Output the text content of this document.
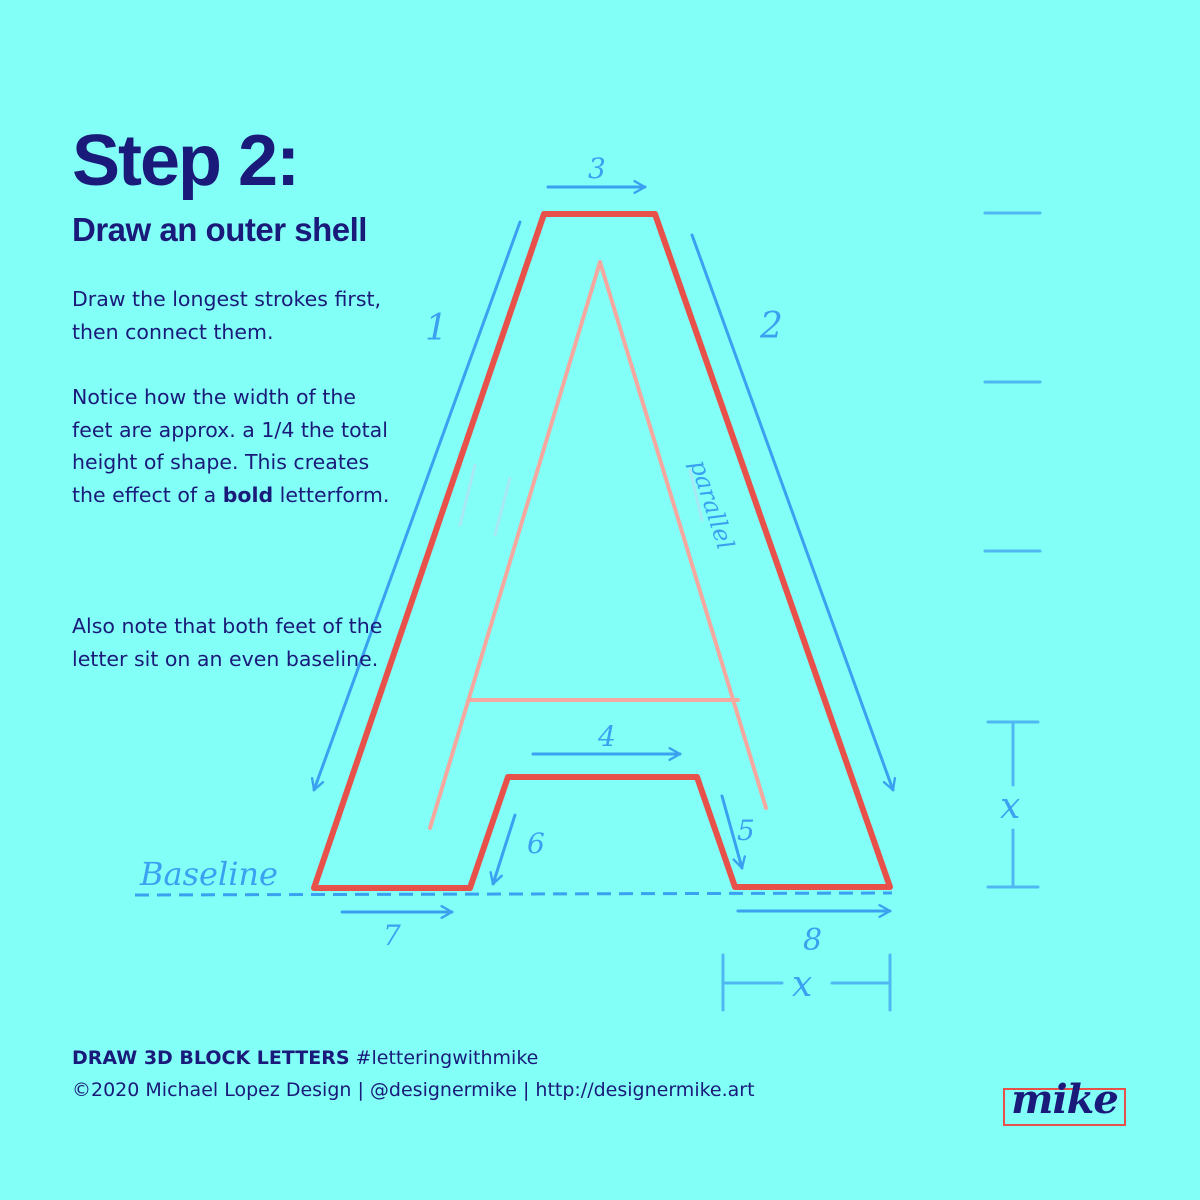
1	2
3
4
5
6
7	8
Baseline
parallel
x
x
Step 2:
Draw an outer shell

Draw the longest strokes first, then connect them.

Notice how the width of the feet are approx. a 1/4 the total height of shape. This creates the effect of a bold letterform.

Also note that both feet of the letter sit on an even baseline.

DRAW 3D BLOCK LETTERS #letteringwithmike

©2020 Michael Lopez Design | @designermike | http://designermike.art	mike
